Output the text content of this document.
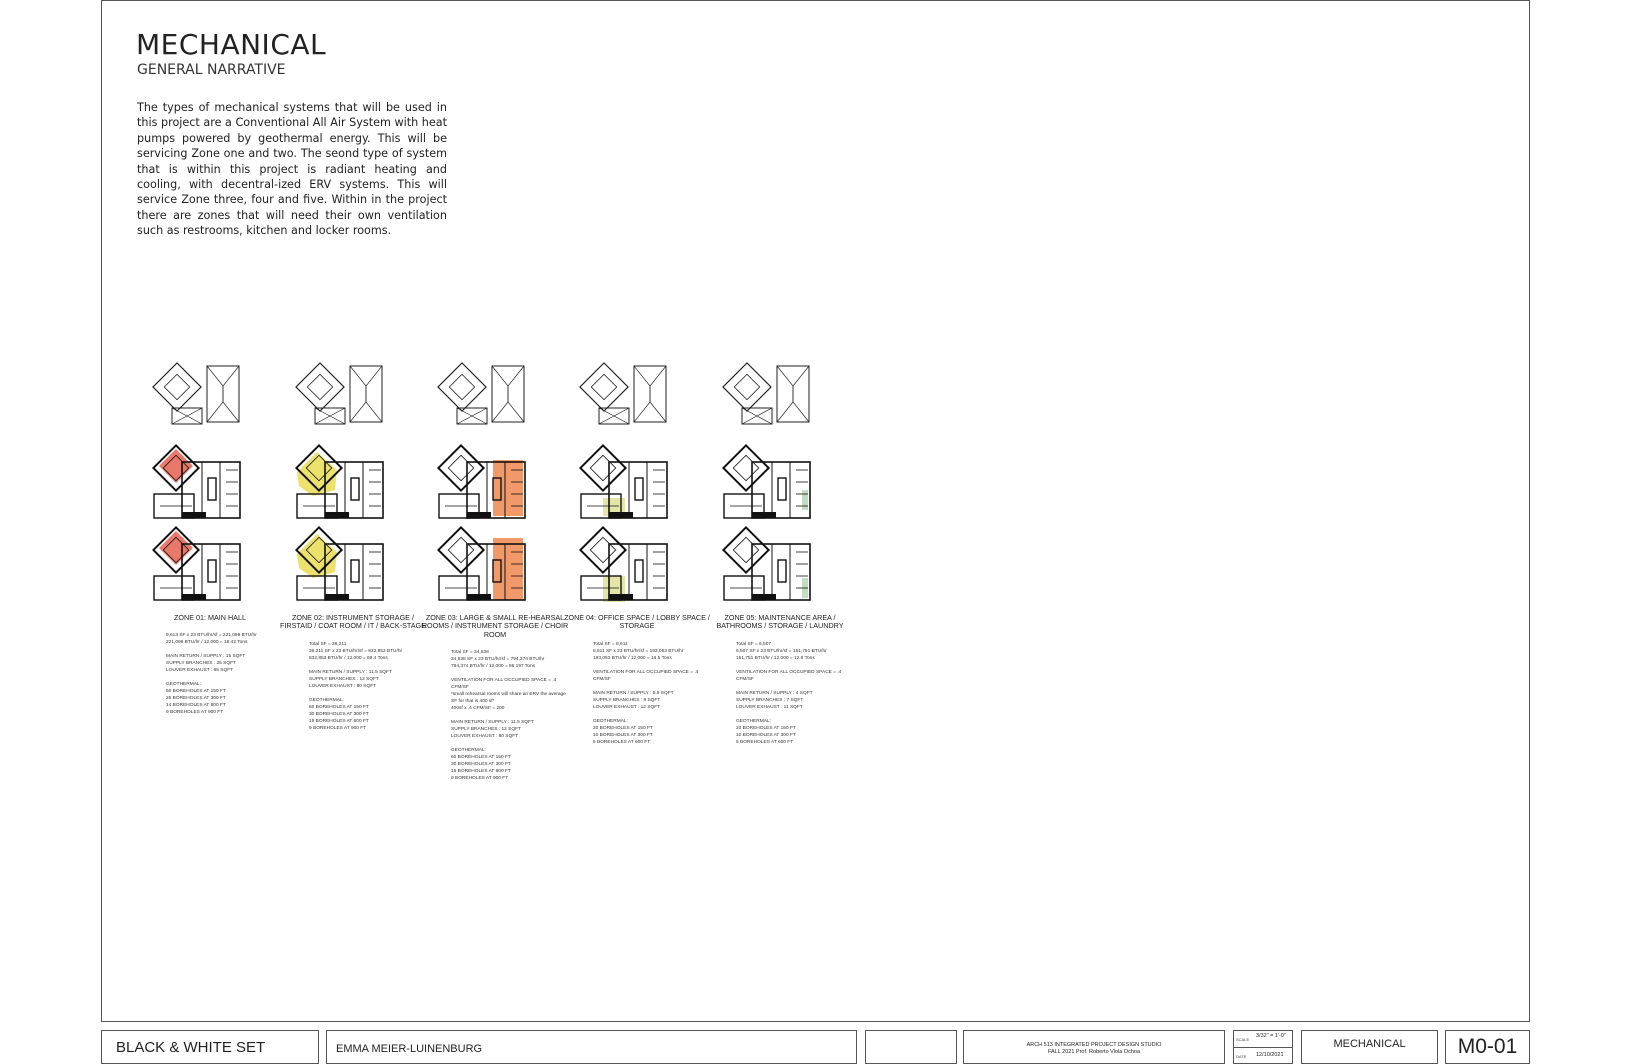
MECHANICAL
GENERAL NARRATIVE
The types of mechanical systems that will be used in this project are a Conventional All Air System with heat pumps powered by geothermal energy. This will be servicing Zone one and two. The seond type of system that is within this project is radiant heating and cooling, with decentral-ized ERV systems. This will service Zone three, four and five. Within in the project there are zones that will need their own ventilation such as restrooms, kitchen and locker rooms.
ZONE 01: MAIN HALL

9,613 SF x 23 BTU/hr/sf = 221,099 BTU/hr
221,099 BTU/hr / 12,000 = 18.42 Tons

MAIN RETURN / SUPPLY : 15 SQFT
SUPPLY BRANCHES : 25 SQFT
LOUVER EXHAUST : 65 SQFT

GEOTHERMAL:
50 BOREHOLES AT 150 FT
25 BOREHOLES AT 300 FT
14 BOREHOLES AT 600 FT
9 BOREHOLES AT 900 FT

ZONE 02: INSTRUMENT STORAGE / FIRSTAID / COAT ROOM / IT / BACK-STAGE

Total SF = 36,211
36,211 SF x 23 BTU/hr/sf = 832,853 BTU/hr
832,853 BTU/hr / 12,000 = 69.4 Tons

MAIN RETURN / SUPPLY : 11.5 SQFT
SUPPLY BRANCHES : 12 SQFT
LOUVER EXHAUST : 80 SQFT

GEOTHERMAL:
60 BOREHOLES AT 150 FT
30 BOREHOLES AT 300 FT
15 BOREHOLES AT 600 FT
9 BOREHOLES AT 900 FT

ZONE 03: LARGE & SMALL RE-HEARSAL ROOMS / INSTRUMENT STORAGE / CHOIR ROOM

Total SF = 34,538
34,538 SF x 23 BTU/hr/sf = 794,374 BTU/hr
794,374 BTU/hr / 12,000 = 66.197 Tons

VENTILATION FOR ALL OCCUPIED SPACE = .4 CFM/SF
*small rehearsal rooms will share an ERV the average SF for that is 400 sf*
400sf x .4 CFM/SF = 200

MAIN RETURN / SUPPLY : 11.5 SQFT
SUPPLY BRANCHES : 12 SQFT
LOUVER EXHAUST : 80 SQFT

GEOTHERMAL:
60 BOREHOLES AT 150 FT
30 BOREHOLES AT 300 FT
15 BOREHOLES AT 600 FT
9 BOREHOLES AT 900 FT

ZONE 04: OFFICE SPACE / LOBBY SPACE / STORAGE

Total SF = 8,611
8,611 SF x 23 BTU/hr/sf = 193,053 BTU/hr
193,053 BTU/hr / 12,000 = 16.5 Tons

VENTILATION FOR ALL OCCUPIED SPACE = .4 CFM/SF

MAIN RETURN / SUPPLY : 5.5 SQFT
SUPPLY BRANCHES : 9 SQFT
LOUVER EXHAUST : 12 SQFT

GEOTHERMAL:
20 BOREHOLES AT 150 FT
10 BOREHOLES AT 300 FT
5 BOREHOLES AT 600 FT

ZONE 05: MAINTENANCE AREA / BATHROOMS / STORAGE / LAUNDRY

Total SF = 6,507
6,507 SF x 23 BTU/hr/sf = 151,751 BTU/hr
151,751 BTU/hr / 12,000 = 12.6 Tons

VENTILATION FOR ALL OCCUPIED SPACE = .4 CFM/SF

MAIN RETURN / SUPPLY : 4 SQFT
SUPPLY BRANCHES : 7 SQFT
LOUVER EXHAUST : 11 SQFT

GEOTHERMAL:
20 BOREHOLES AT 150 FT
10 BOREHOLES AT 300 FT
5 BOREHOLES AT 600 FT

BLACK & WHITE SET	EMMA MEIER-LUINENBURG	ARCH 513 INTEGRATED PROJECT DESIGN STUDIO
FALL 2021 Prof. Roberto Viola Ochoa
SCALE
3/32" = 1'-0"
DATE 12/10/2021
MECHANICAL	M0-01
